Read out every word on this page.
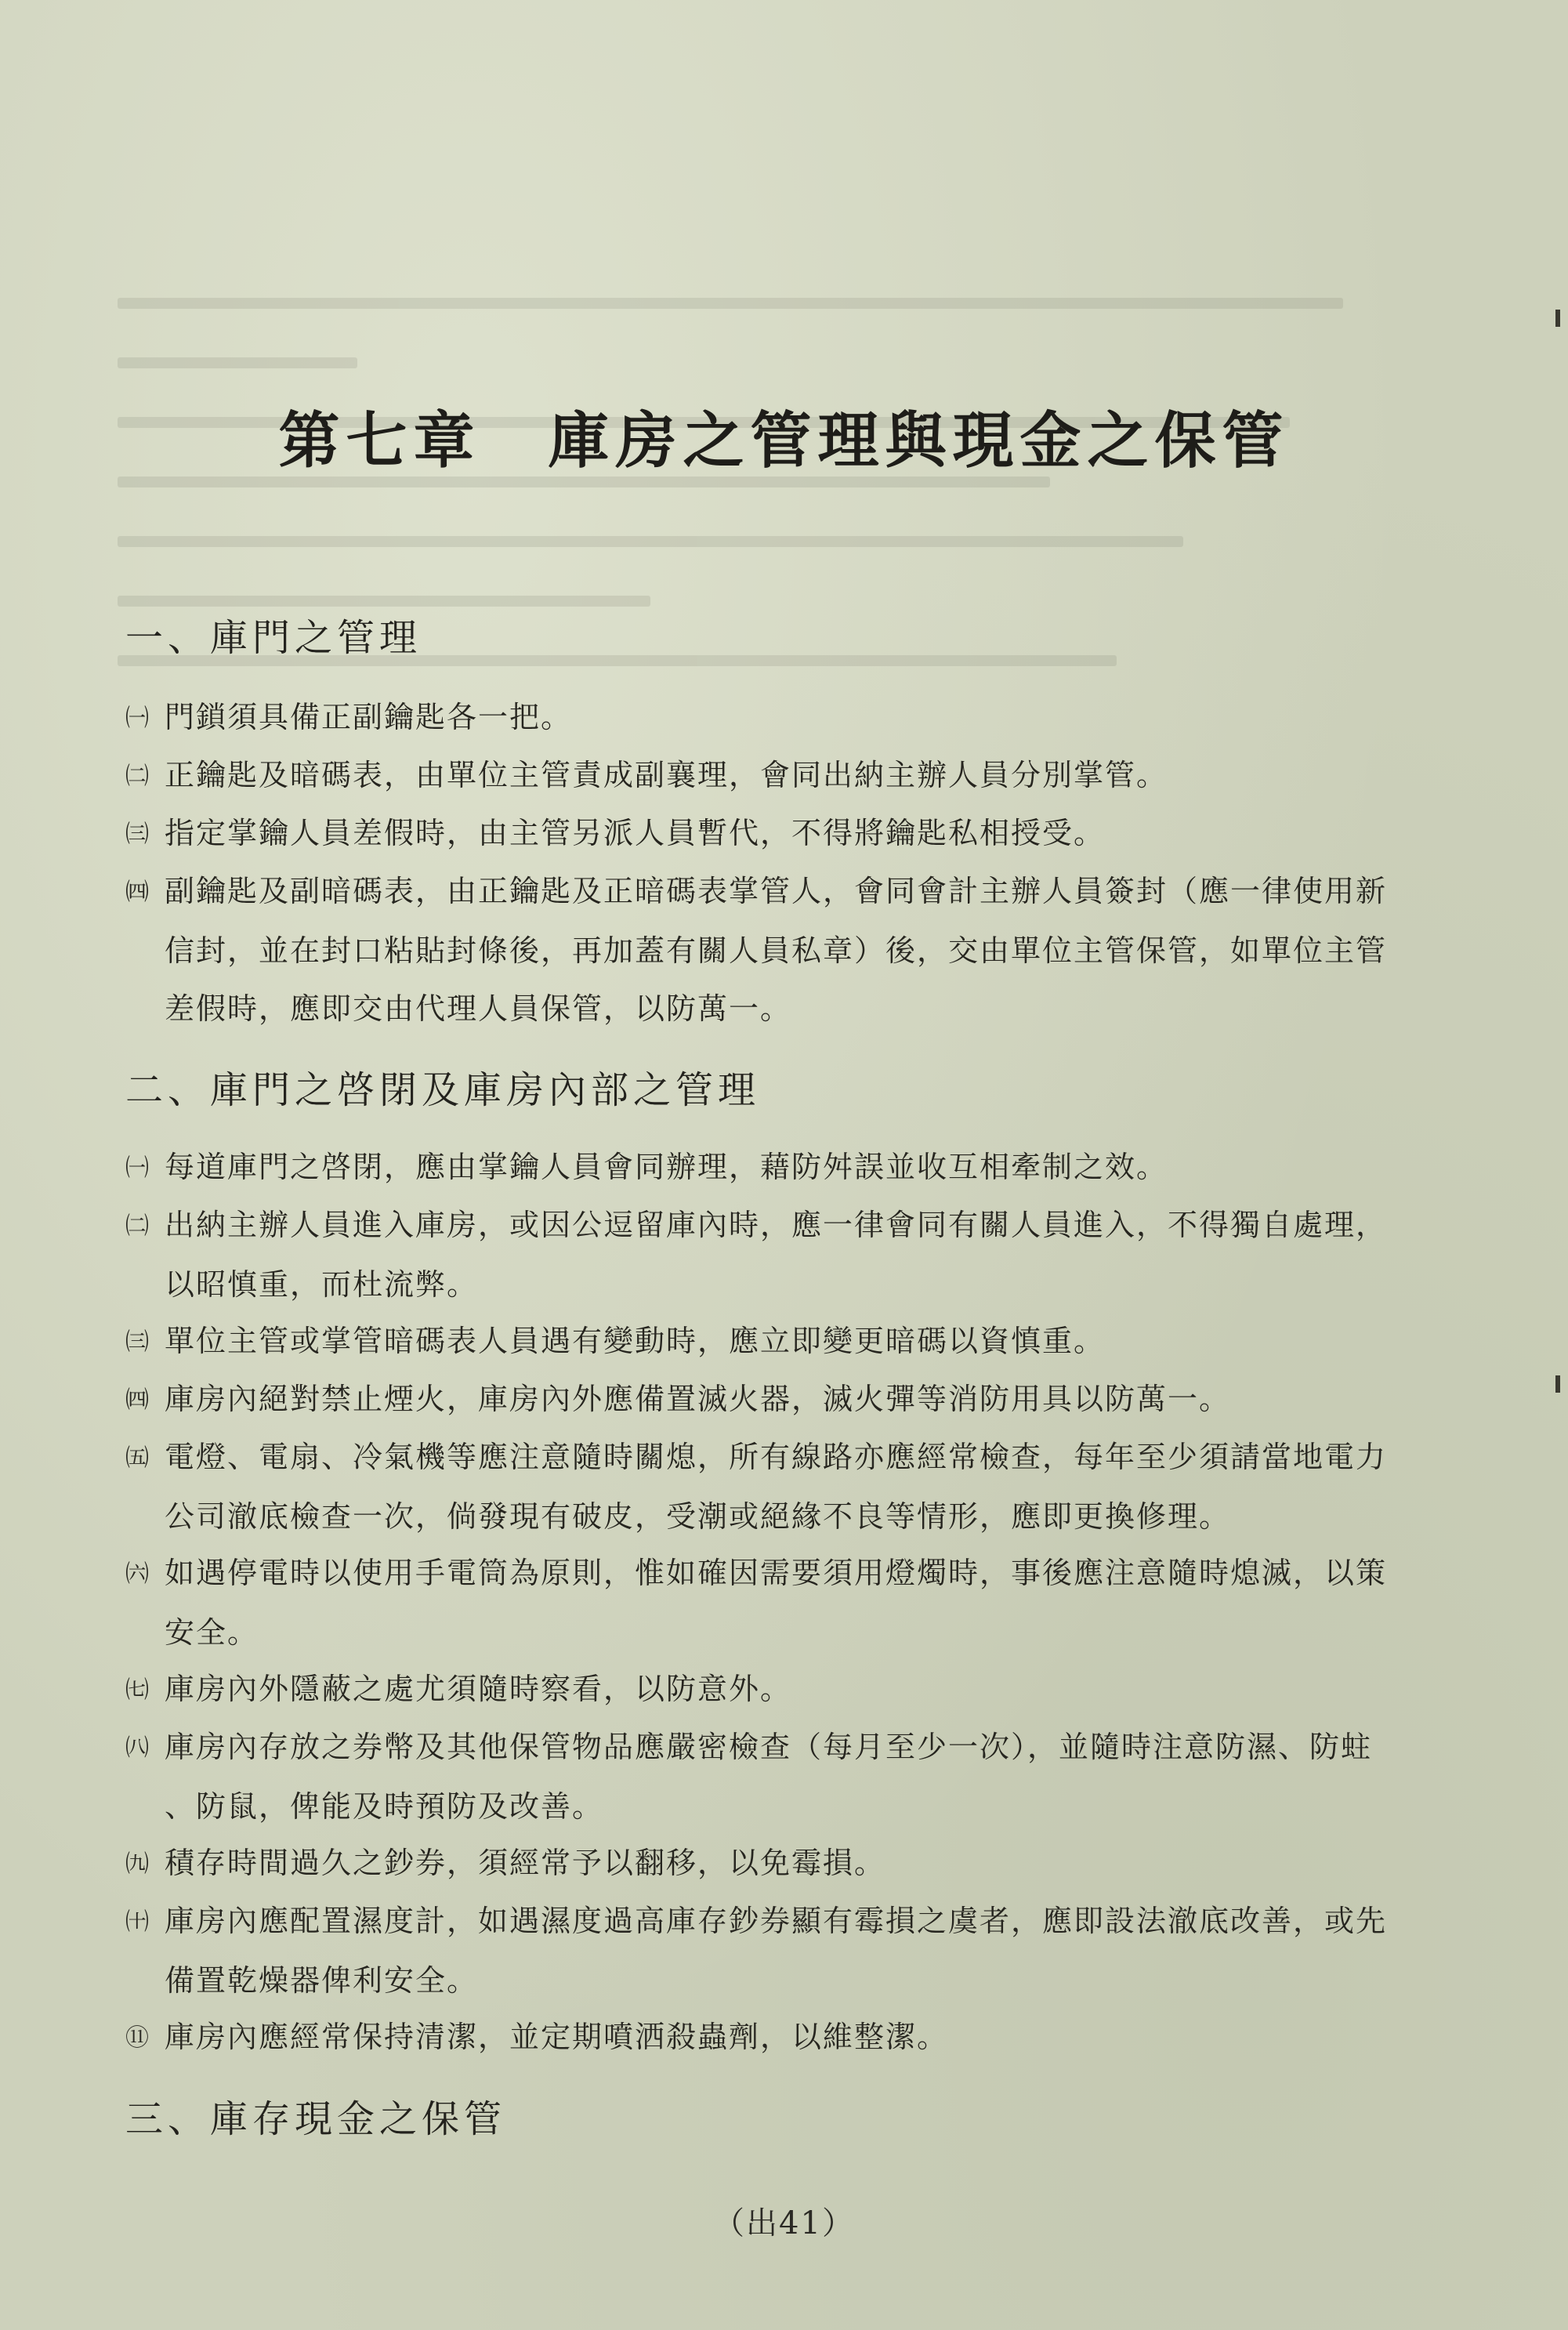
第七章　庫房之管理與現金之保管
一、庫門之管理
㈠ 門鎖須具備正副鑰匙各一把。
㈡ 正鑰匙及暗碼表，由單位主管責成副襄理，會同出納主辦人員分別掌管。
㈢ 指定掌鑰人員差假時，由主管另派人員暫代，不得將鑰匙私相授受。
㈣ 副鑰匙及副暗碼表，由正鑰匙及正暗碼表掌管人，會同會計主辦人員簽封（應一律使用新
信封，並在封口粘貼封條後，再加蓋有關人員私章）後，交由單位主管保管，如單位主管
差假時，應即交由代理人員保管，以防萬一。
二、庫門之啓閉及庫房內部之管理
㈠ 每道庫門之啓閉，應由掌鑰人員會同辦理，藉防舛誤並收互相牽制之效。
㈡ 出納主辦人員進入庫房，或因公逗留庫內時，應一律會同有關人員進入，不得獨自處理，
以昭慎重，而杜流弊。
㈢ 單位主管或掌管暗碼表人員遇有變動時，應立即變更暗碼以資慎重。
㈣ 庫房內絕對禁止煙火，庫房內外應備置滅火器，滅火彈等消防用具以防萬一。
㈤ 電燈、電扇、冷氣機等應注意隨時關熄，所有線路亦應經常檢查，每年至少須請當地電力
公司澈底檢查一次，倘發現有破皮，受潮或絕緣不良等情形，應即更換修理。
㈥ 如遇停電時以使用手電筒為原則，惟如確因需要須用燈燭時，事後應注意隨時熄滅，以策
安全。
㈦ 庫房內外隱蔽之處尤須隨時察看，以防意外。
㈧ 庫房內存放之券幣及其他保管物品應嚴密檢查（每月至少一次），並隨時注意防濕、防蛀
、防鼠，俾能及時預防及改善。
㈨ 積存時間過久之鈔券，須經常予以翻移，以免霉損。
㈩ 庫房內應配置濕度計，如遇濕度過高庫存鈔券顯有霉損之虞者，應即設法澈底改善，或先
備置乾燥器俾利安全。
⑪ 庫房內應經常保持清潔，並定期噴洒殺蟲劑，以維整潔。
三、庫存現金之保管
（出41）
